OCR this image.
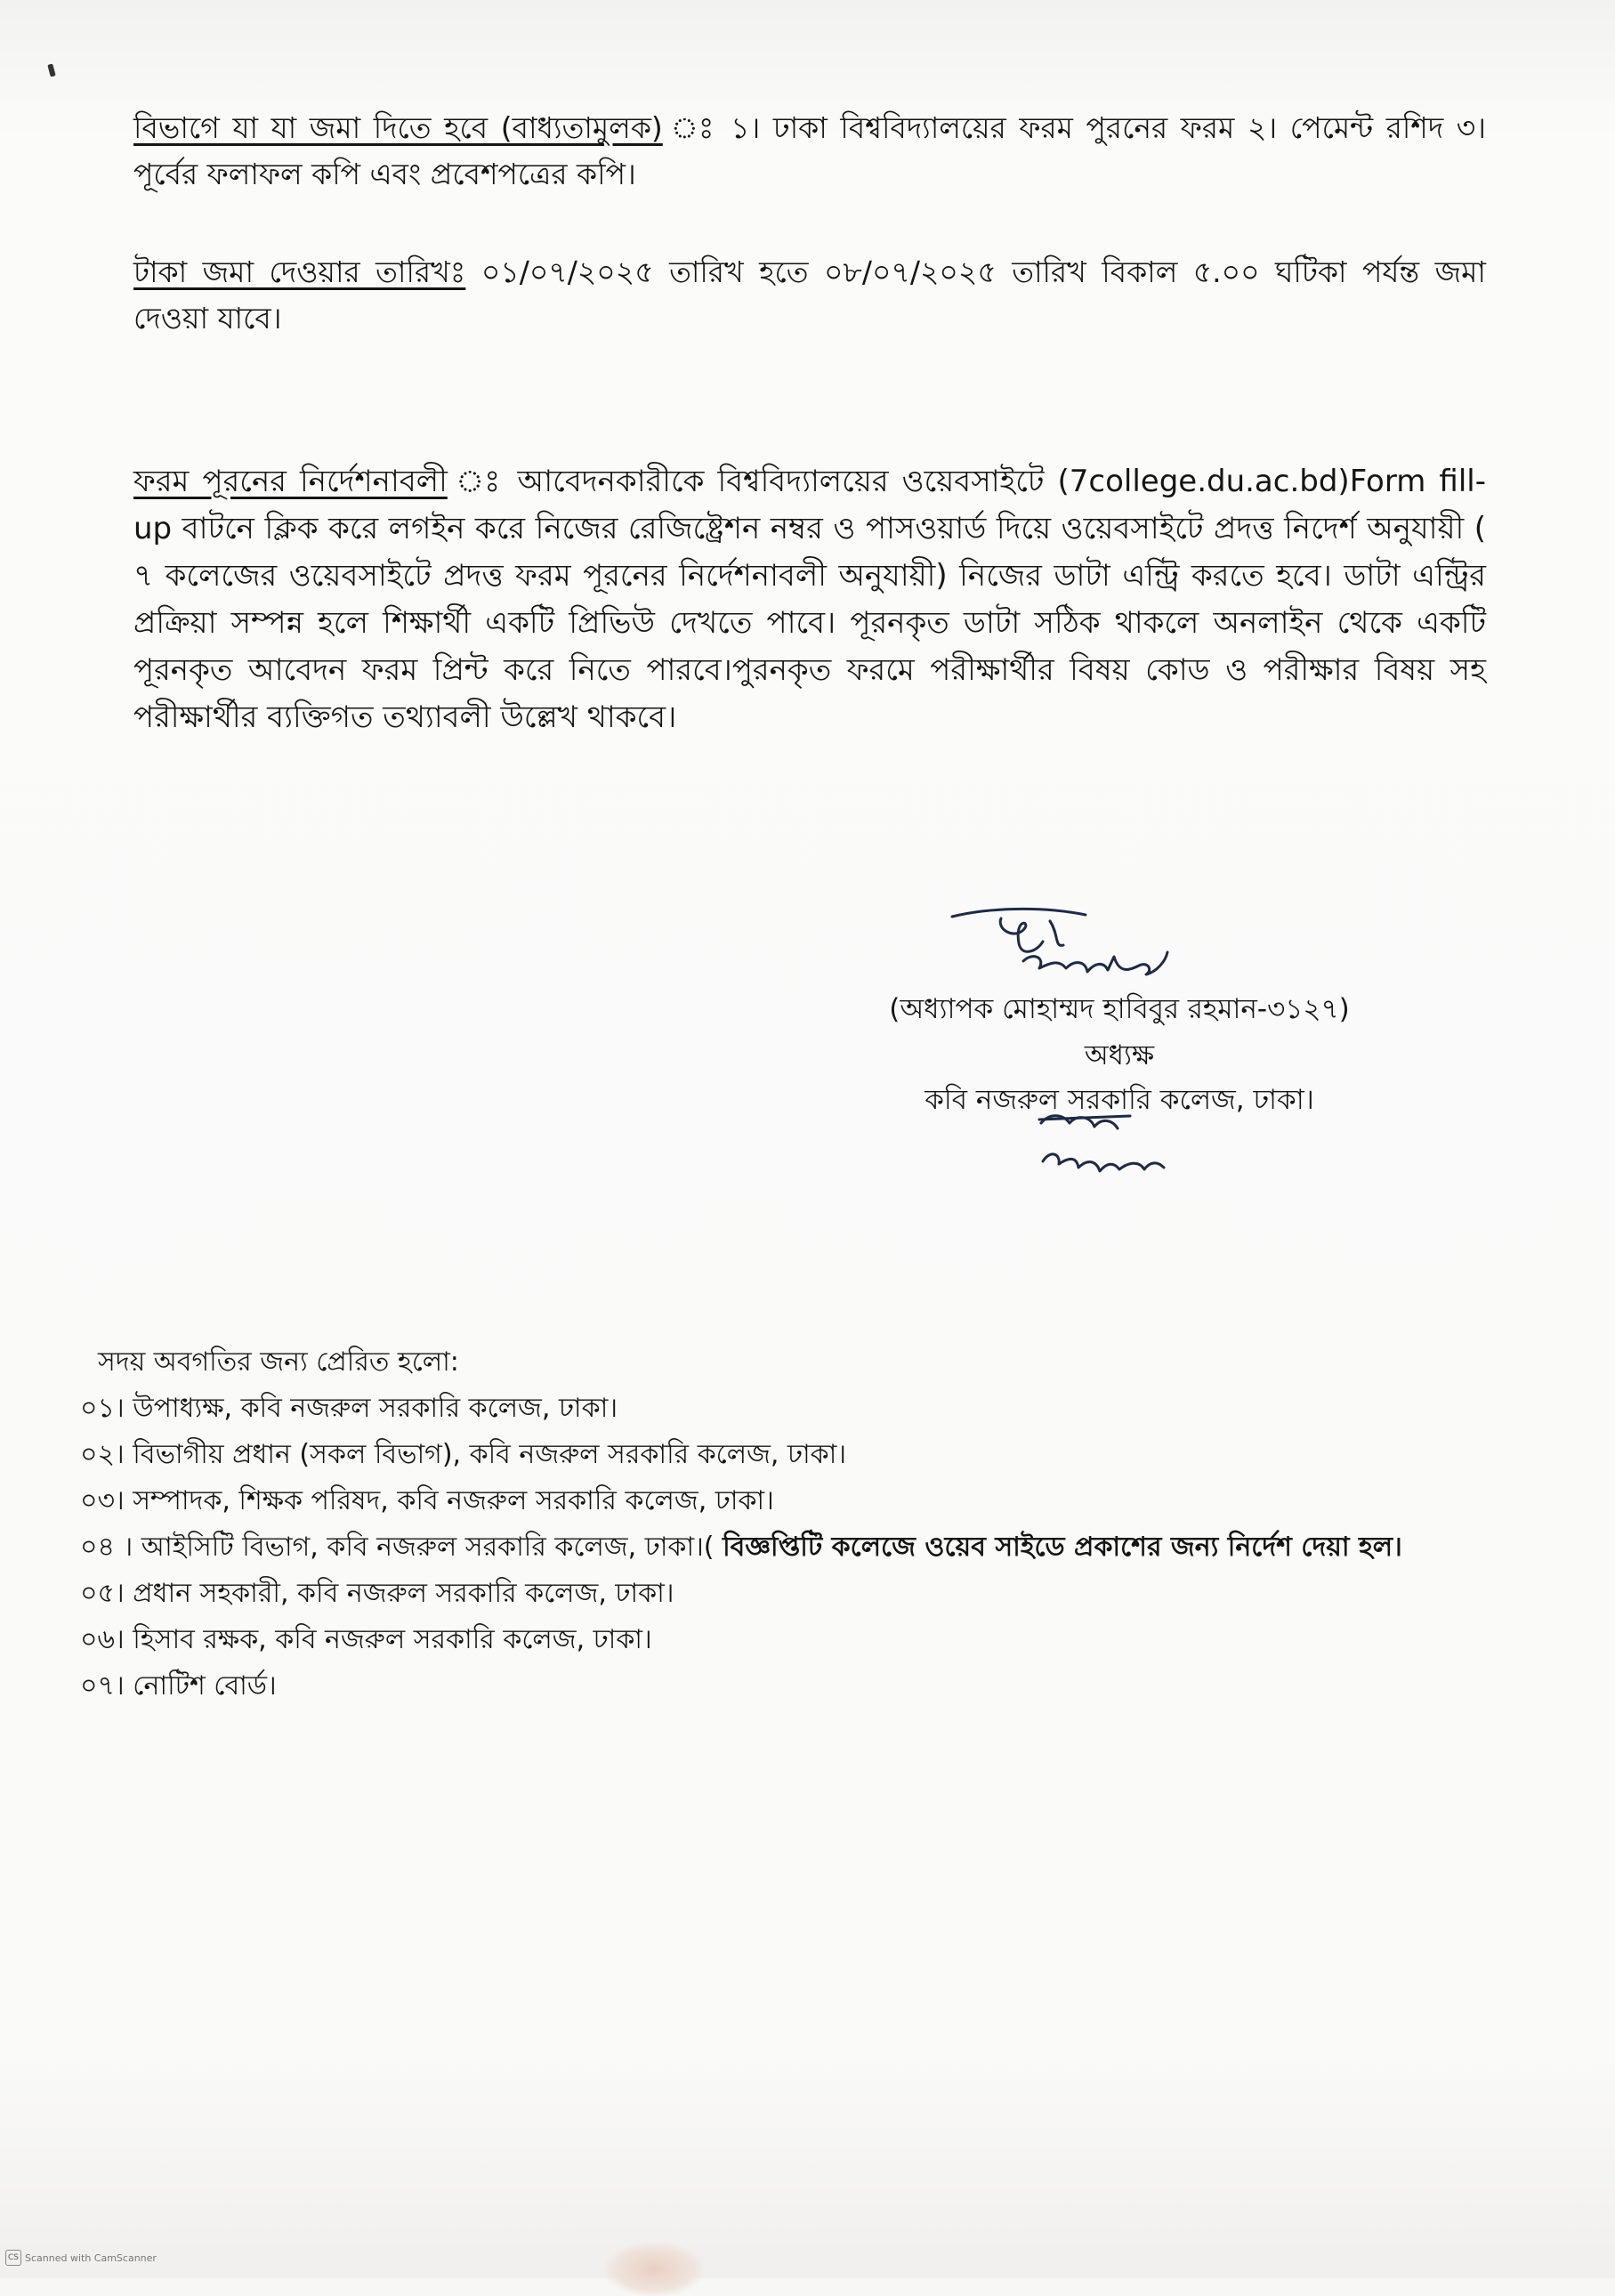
বিভাগে যা যা জমা দিতে হবে (বাধ্যতামুলক) ঃ ১। ঢাকা বিশ্ববিদ্যালয়ের ফরম পুরনের ফরম ২। পেমেন্ট রশিদ ৩। পূর্বের ফলাফল কপি এবং প্রবেশপত্রের কপি।
টাকা জমা দেওয়ার তারিখঃ ০১/০৭/২০২৫ তারিখ হতে ০৮/০৭/২০২৫ তারিখ বিকাল ৫.০০ ঘটিকা পর্যন্ত জমা দেওয়া যাবে।
ফরম পূরনের নির্দেশনাবলী ঃ আবেদনকারীকে বিশ্ববিদ্যালয়ের ওয়েবসাইটে (7college.du.ac.bd)Form fill-up বাটনে ক্লিক করে লগইন করে নিজের রেজিষ্ট্রেশন নম্বর ও পাসওয়ার্ড দিয়ে ওয়েবসাইটে প্রদত্ত নিদের্শ অনুযায়ী ( ৭ কলেজের ওয়েবসাইটে প্রদত্ত ফরম পূরনের নির্দেশনাবলী অনুযায়ী) নিজের ডাটা এন্ট্রি করতে হবে। ডাটা এন্ট্রির প্রক্রিয়া সম্পন্ন হলে শিক্ষার্থী একটি প্রিভিউ দেখতে পাবে। পূরনকৃত ডাটা সঠিক থাকলে অনলাইন থেকে একটি পূরনকৃত আবেদন ফরম প্রিন্ট করে নিতে পারবে।পুরনকৃত ফরমে পরীক্ষার্থীর বিষয় কোড ও পরীক্ষার বিষয় সহ পরীক্ষার্থীর ব্যক্তিগত তথ্যাবলী উল্লেখ থাকবে।
(অধ্যাপক মোহাম্মদ হাবিবুর রহমান-৩১২৭)
অধ্যক্ষ
কবি নজরুল সরকারি কলেজ, ঢাকা।
সদয় অবগতির জন্য প্রেরিত হলো:
০১। উপাধ্যক্ষ, কবি নজরুল সরকারি কলেজ, ঢাকা।
০২। বিভাগীয় প্রধান (সকল বিভাগ), কবি নজরুল সরকারি কলেজ, ঢাকা।
০৩। সম্পাদক, শিক্ষক পরিষদ, কবি নজরুল সরকারি কলেজ, ঢাকা।
০৪ । আইসিটি বিভাগ, কবি নজরুল সরকারি কলেজ, ঢাকা।( বিজ্ঞপ্তিটি কলেজে ওয়েব সাইডে প্রকাশের জন্য নির্দেশ দেয়া হল।
০৫। প্রধান সহকারী, কবি নজরুল সরকারি কলেজ, ঢাকা।
০৬। হিসাব রক্ষক, কবি নজরুল সরকারি কলেজ, ঢাকা।
০৭। নোটিশ বোর্ড।
CS Scanned with CamScanner
